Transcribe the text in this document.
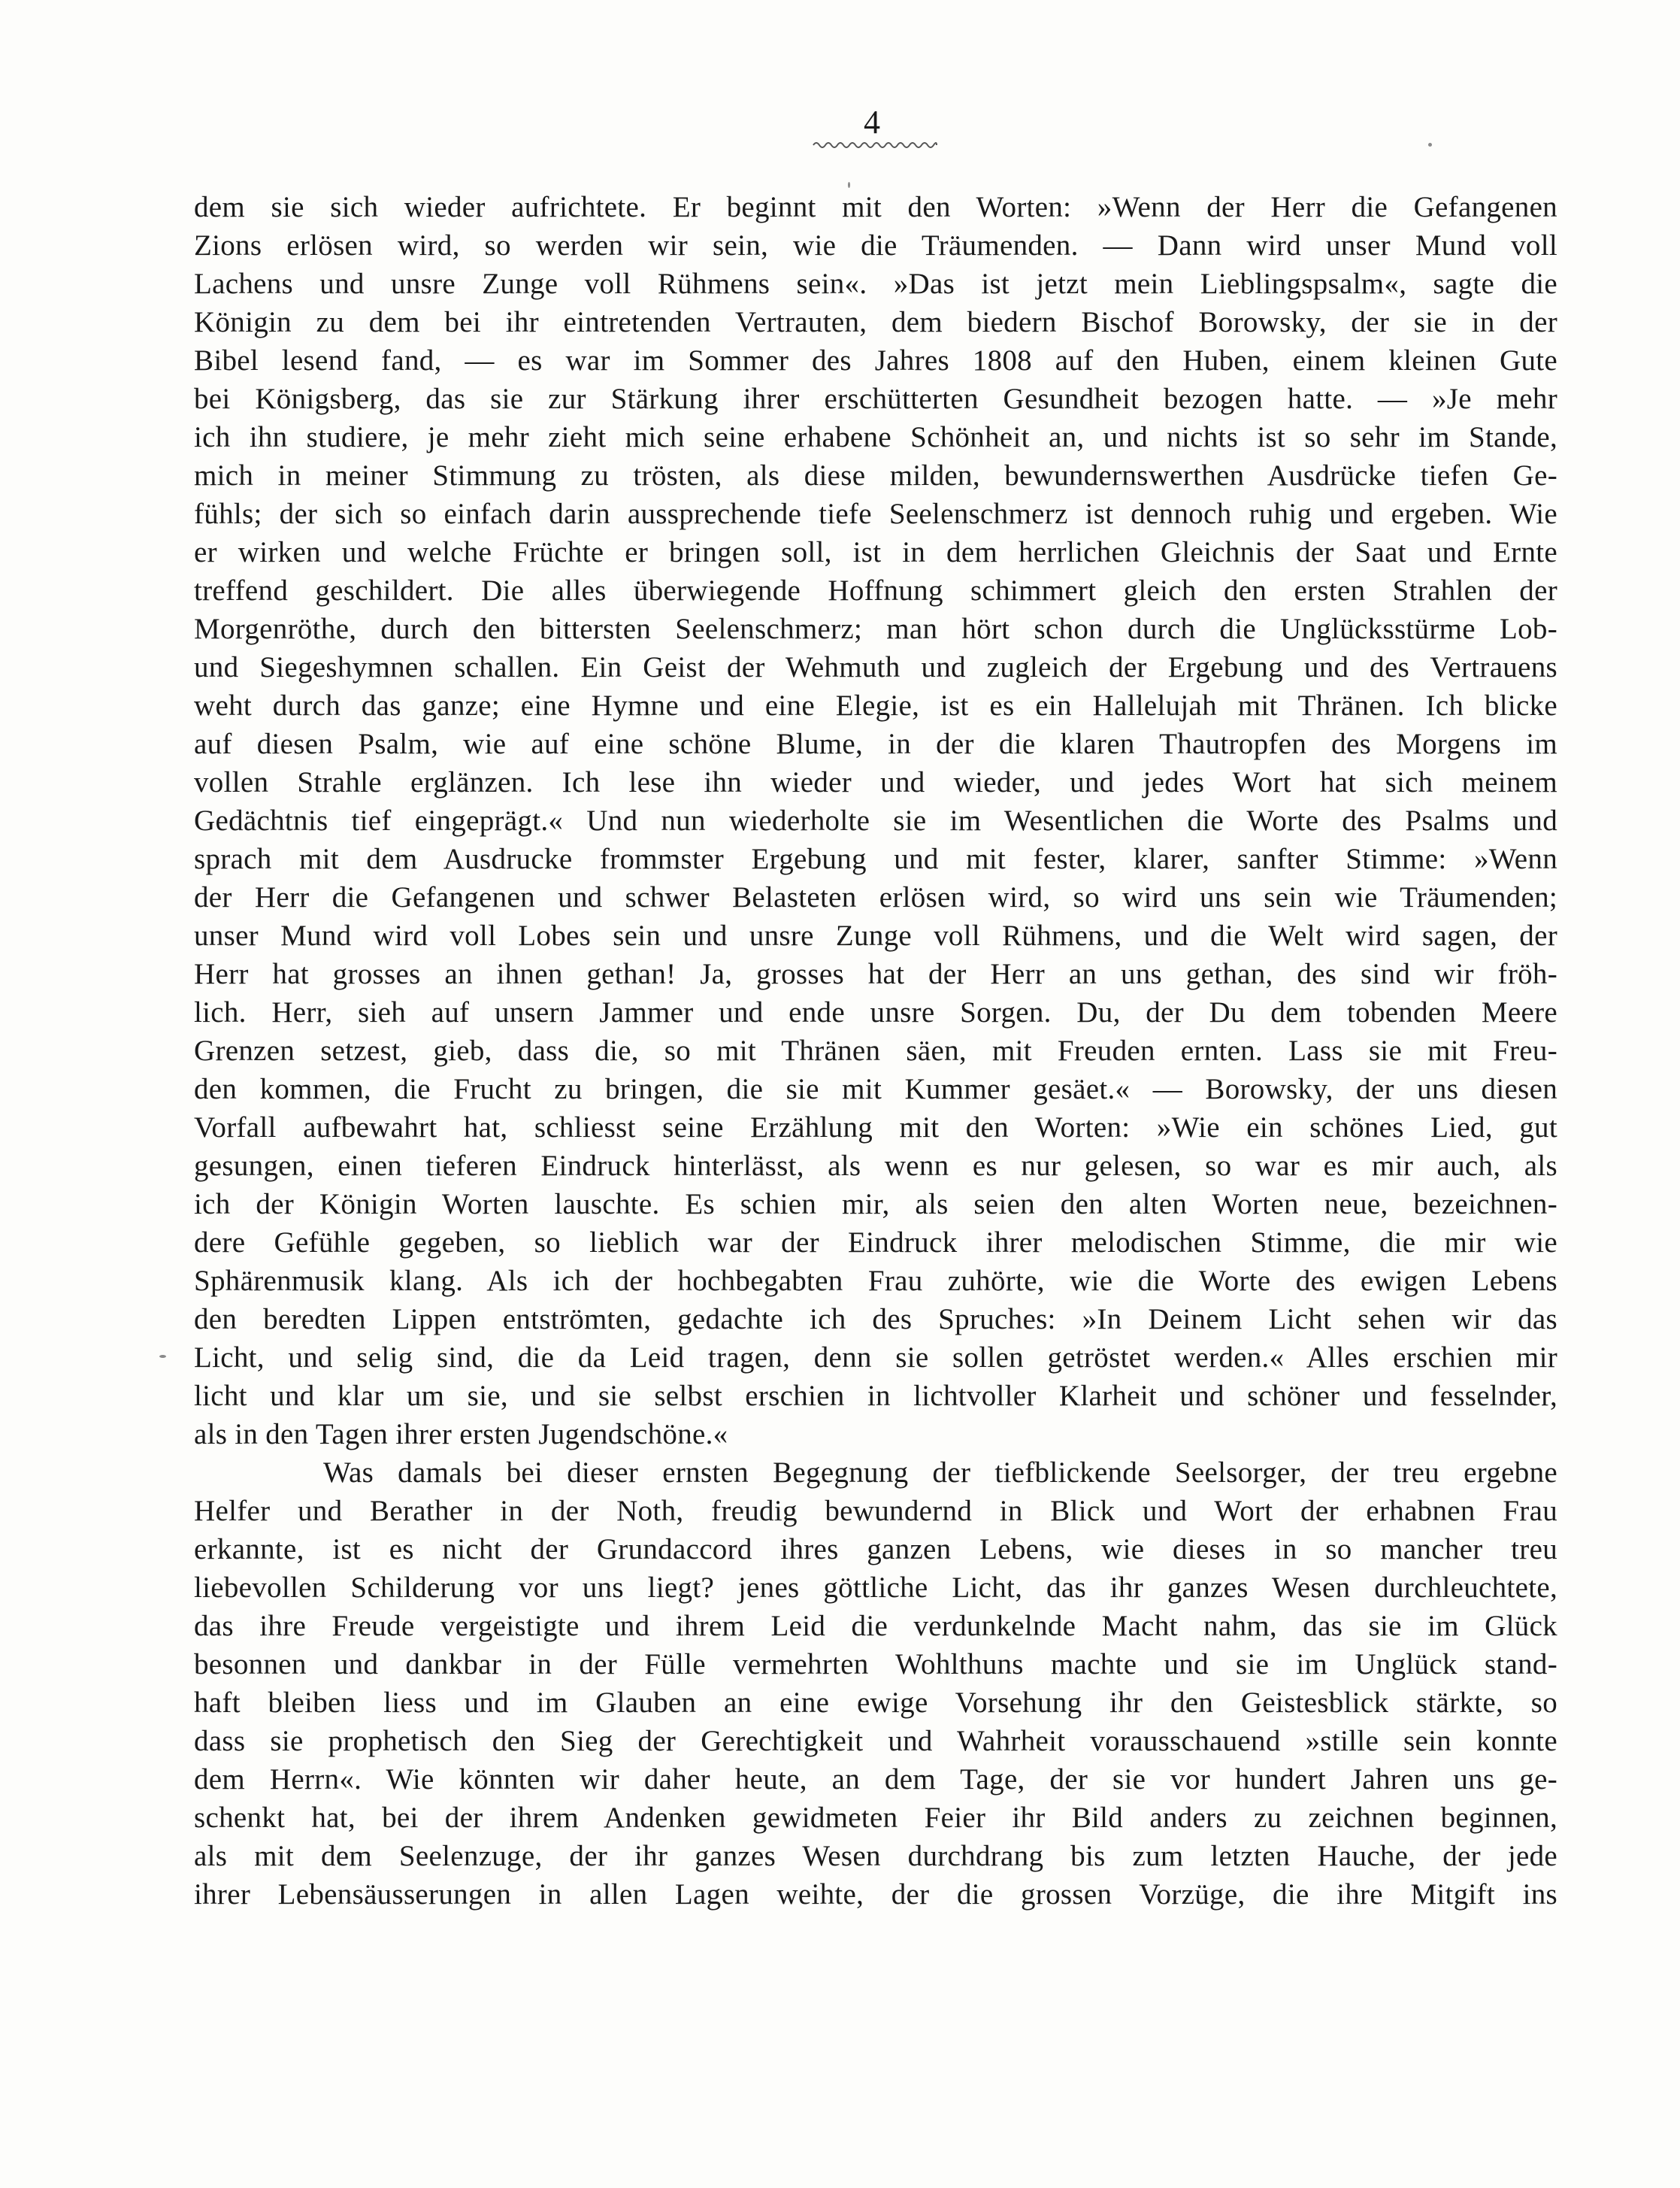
4
dem sie sich wieder aufrichtete. Er beginnt mit den Worten: »Wenn der Herr die Gefangenen
Zions erlösen wird, so werden wir sein, wie die Träumenden. — Dann wird unser Mund voll
Lachens und unsre Zunge voll Rühmens sein«. »Das ist jetzt mein Lieblingspsalm«, sagte die
Königin zu dem bei ihr eintretenden Vertrauten, dem biedern Bischof Borowsky, der sie in der
Bibel lesend fand, — es war im Sommer des Jahres 1808 auf den Huben, einem kleinen Gute
bei Königsberg, das sie zur Stärkung ihrer erschütterten Gesundheit bezogen hatte. — »Je mehr
ich ihn studiere, je mehr zieht mich seine erhabene Schönheit an, und nichts ist so sehr im Stande,
mich in meiner Stimmung zu trösten, als diese milden, bewundernswerthen Ausdrücke tiefen Ge-
fühls; der sich so einfach darin aussprechende tiefe Seelenschmerz ist dennoch ruhig und ergeben. Wie
er wirken und welche Früchte er bringen soll, ist in dem herrlichen Gleichnis der Saat und Ernte
treffend geschildert. Die alles überwiegende Hoffnung schimmert gleich den ersten Strahlen der
Morgenröthe, durch den bittersten Seelenschmerz; man hört schon durch die Unglücksstürme Lob-
und Siegeshymnen schallen. Ein Geist der Wehmuth und zugleich der Ergebung und des Vertrauens
weht durch das ganze; eine Hymne und eine Elegie, ist es ein Hallelujah mit Thränen. Ich blicke
auf diesen Psalm, wie auf eine schöne Blume, in der die klaren Thautropfen des Morgens im
vollen Strahle erglänzen. Ich lese ihn wieder und wieder, und jedes Wort hat sich meinem
Gedächtnis tief eingeprägt.« Und nun wiederholte sie im Wesentlichen die Worte des Psalms und
sprach mit dem Ausdrucke frommster Ergebung und mit fester, klarer, sanfter Stimme: »Wenn
der Herr die Gefangenen und schwer Belasteten erlösen wird, so wird uns sein wie Träumenden;
unser Mund wird voll Lobes sein und unsre Zunge voll Rühmens, und die Welt wird sagen, der
Herr hat grosses an ihnen gethan! Ja, grosses hat der Herr an uns gethan, des sind wir fröh-
lich. Herr, sieh auf unsern Jammer und ende unsre Sorgen. Du, der Du dem tobenden Meere
Grenzen setzest, gieb, dass die, so mit Thränen säen, mit Freuden ernten. Lass sie mit Freu-
den kommen, die Frucht zu bringen, die sie mit Kummer gesäet.« — Borowsky, der uns diesen
Vorfall aufbewahrt hat, schliesst seine Erzählung mit den Worten: »Wie ein schönes Lied, gut
gesungen, einen tieferen Eindruck hinterlässt, als wenn es nur gelesen, so war es mir auch, als
ich der Königin Worten lauschte. Es schien mir, als seien den alten Worten neue, bezeichnen-
dere Gefühle gegeben, so lieblich war der Eindruck ihrer melodischen Stimme, die mir wie
Sphärenmusik klang. Als ich der hochbegabten Frau zuhörte, wie die Worte des ewigen Lebens
den beredten Lippen entströmten, gedachte ich des Spruches: »In Deinem Licht sehen wir das
Licht, und selig sind, die da Leid tragen, denn sie sollen getröstet werden.« Alles erschien mir
licht und klar um sie, und sie selbst erschien in lichtvoller Klarheit und schöner und fesselnder,
als in den Tagen ihrer ersten Jugendschöne.«
Was damals bei dieser ernsten Begegnung der tiefblickende Seelsorger, der treu ergebne
Helfer und Berather in der Noth, freudig bewundernd in Blick und Wort der erhabnen Frau
erkannte, ist es nicht der Grundaccord ihres ganzen Lebens, wie dieses in so mancher treu
liebevollen Schilderung vor uns liegt? jenes göttliche Licht, das ihr ganzes Wesen durchleuchtete,
das ihre Freude vergeistigte und ihrem Leid die verdunkelnde Macht nahm, das sie im Glück
besonnen und dankbar in der Fülle vermehrten Wohlthuns machte und sie im Unglück stand-
haft bleiben liess und im Glauben an eine ewige Vorsehung ihr den Geistesblick stärkte, so
dass sie prophetisch den Sieg der Gerechtigkeit und Wahrheit vorausschauend »stille sein konnte
dem Herrn«. Wie könnten wir daher heute, an dem Tage, der sie vor hundert Jahren uns ge-
schenkt hat, bei der ihrem Andenken gewidmeten Feier ihr Bild anders zu zeichnen beginnen,
als mit dem Seelenzuge, der ihr ganzes Wesen durchdrang bis zum letzten Hauche, der jede
ihrer Lebensäusserungen in allen Lagen weihte, der die grossen Vorzüge, die ihre Mitgift ins
